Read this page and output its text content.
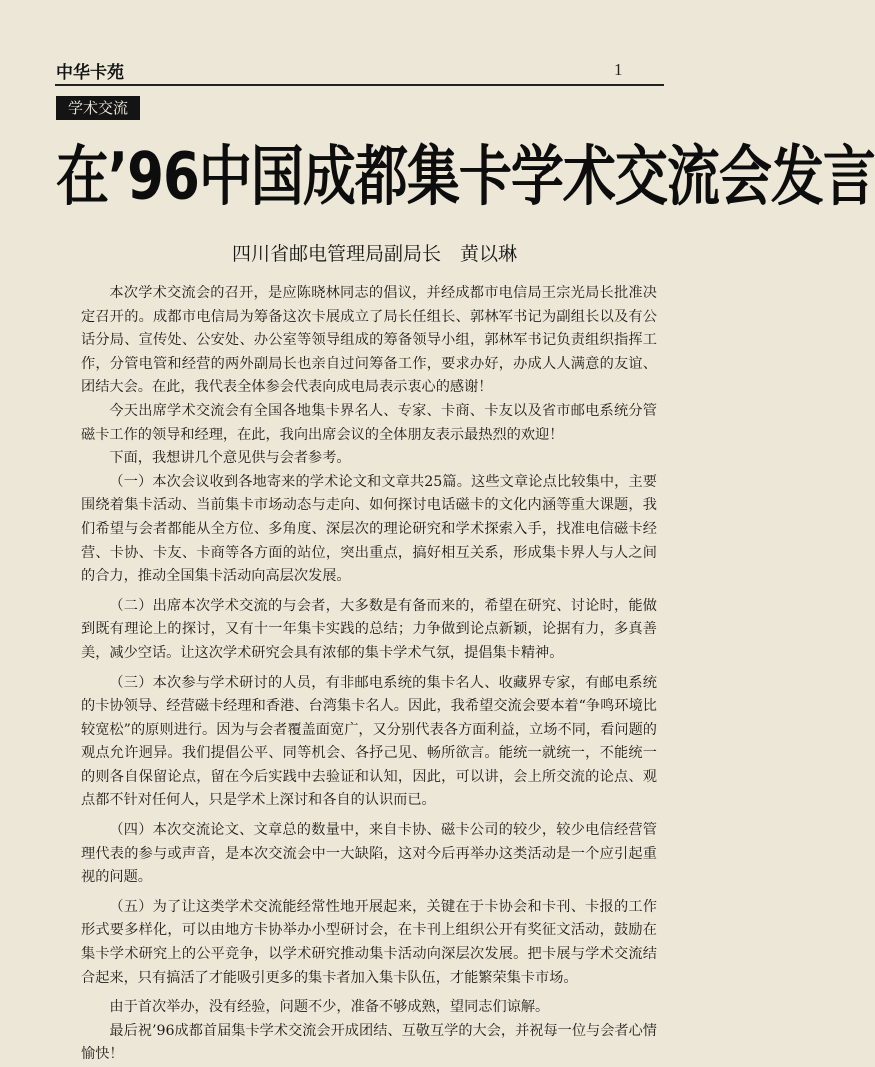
中华卡苑	1
学术交流
在’96中国成都集卡学术交流会发言
四川省邮电管理局副局长　黄以琳

本次学术交流会的召开，是应陈晓林同志的倡议，并经成都市电信局王宗光局长批准决定召开的。成都市电信局为筹备这次卡展成立了局长任组长、郭林军书记为副组长以及有公话分局、宣传处、公安处、办公室等领导组成的筹备领导小组，郭林军书记负责组织指挥工作，分管电管和经营的两外副局长也亲自过问筹备工作，要求办好，办成人人满意的友谊、团结大会。在此，我代表全体参会代表向成电局表示衷心的感谢！

今天出席学术交流会有全国各地集卡界名人、专家、卡商、卡友以及省市邮电系统分管磁卡工作的领导和经理，在此，我向出席会议的全体朋友表示最热烈的欢迎！

下面，我想讲几个意见供与会者参考。

（一）本次会议收到各地寄来的学术论文和文章共25篇。这些文章论点比较集中，主要围绕着集卡活动、当前集卡市场动态与走向、如何探讨电话磁卡的文化内涵等重大课题，我们希望与会者都能从全方位、多角度、深层次的理论研究和学术探索入手，找准电信磁卡经营、卡协、卡友、卡商等各方面的站位，突出重点，搞好相互关系，形成集卡界人与人之间的合力，推动全国集卡活动向高层次发展。

（二）出席本次学术交流的与会者，大多数是有备而来的，希望在研究、讨论时，能做到既有理论上的探讨，又有十一年集卡实践的总结；力争做到论点新颖，论据有力，多真善美，减少空话。让这次学术研究会具有浓郁的集卡学术气氛，提倡集卡精神。

（三）本次参与学术研讨的人员，有非邮电系统的集卡名人、收藏界专家，有邮电系统的卡协领导、经营磁卡经理和香港、台湾集卡名人。因此，我希望交流会要本着“争鸣环境比较宽松”的原则进行。因为与会者覆盖面宽广，又分别代表各方面利益，立场不同，看问题的观点允许迥异。我们提倡公平、同等机会、各抒己见、畅所欲言。能统一就统一，不能统一的则各自保留论点，留在今后实践中去验证和认知，因此，可以讲，会上所交流的论点、观点都不针对任何人，只是学术上深讨和各自的认识而已。

（四）本次交流论文、文章总的数量中，来自卡协、磁卡公司的较少，较少电信经营管理代表的参与或声音，是本次交流会中一大缺陷，这对今后再举办这类活动是一个应引起重视的问题。

（五）为了让这类学术交流能经常性地开展起来，关键在于卡协会和卡刊、卡报的工作形式要多样化，可以由地方卡协举办小型研讨会，在卡刊上组织公开有奖征文活动，鼓励在集卡学术研究上的公平竞争，以学术研究推动集卡活动向深层次发展。把卡展与学术交流结合起来，只有搞活了才能吸引更多的集卡者加入集卡队伍，才能繁荣集卡市场。

由于首次举办，没有经验，问题不少，准备不够成熟，望同志们谅解。

最后祝’96成都首届集卡学术交流会开成团结、互敬互学的大会，并祝每一位与会者心情愉快！
